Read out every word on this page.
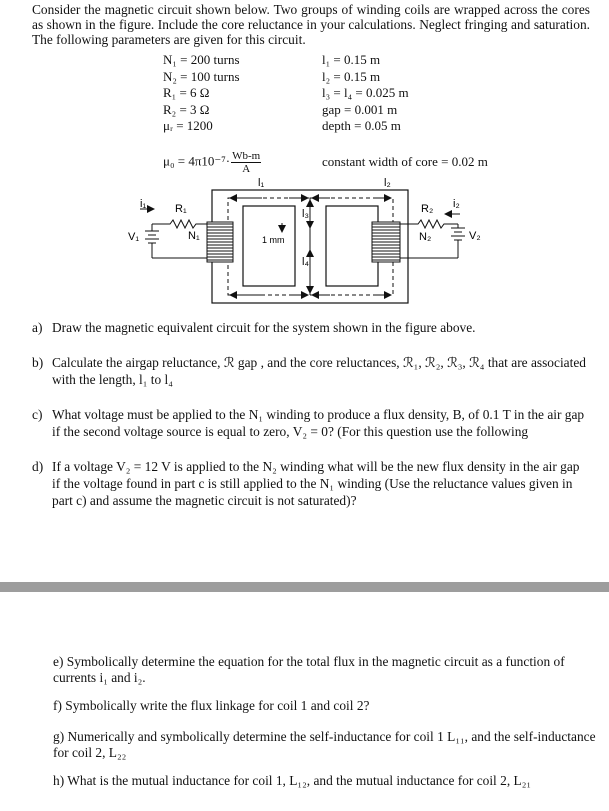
Consider the magnetic circuit shown below. Two groups of winding coils are wrapped across the cores as shown in the figure. Include the core reluctance in your calculations. Neglect fringing and saturation. The following parameters are given for this circuit.
N₁ = 200 turns
N₂ = 100 turns
R₁ = 6 Ω
R₂ = 3 Ω
μᵣ = 1200
l₁ = 0.15 m
l₂ = 0.15 m
l₃ = l₄ = 0.025 m
gap = 0.001 m
depth = 0.05 m
$\mu_0 = 4\pi 10^{-7}\cdot \frac{Wb-m}{A}$	constant width of core = 0.02 m
l₁	l₂
l₃
l₄
1 mm
i₁
V₁
R₁
N₁
i₂
V₂
R₂
N₂
a) Draw the magnetic equivalent circuit for the system shown in the figure above.
b) Calculate the airgap reluctance, ℛ gap , and the core reluctances, ℛ₁, ℛ₂, ℛ₃, ℛ₄ that are associated with the length, l₁ to l₄
c) What voltage must be applied to the N₁ winding to produce a flux density, B, of 0.1 T in the air gap if the second voltage source is equal to zero, V₂ = 0? (For this question use the following
d) If a voltage V₂ = 12 V is applied to the N₂ winding what will be the new flux density in the air gap if the voltage found in part c is still applied to the N₁ winding (Use the reluctance values given in part c) and assume the magnetic circuit is not saturated)?
e) Symbolically determine the equation for the total flux in the magnetic circuit as a function of currents i₁ and i₂.
f) Symbolically write the flux linkage for coil 1 and coil 2?
g) Numerically and symbolically determine the self-inductance for coil 1 L₁₁, and the self-inductance for coil 2, L₂₂
h) What is the mutual inductance for coil 1, L₁₂, and the mutual inductance for coil 2, L₂₁
